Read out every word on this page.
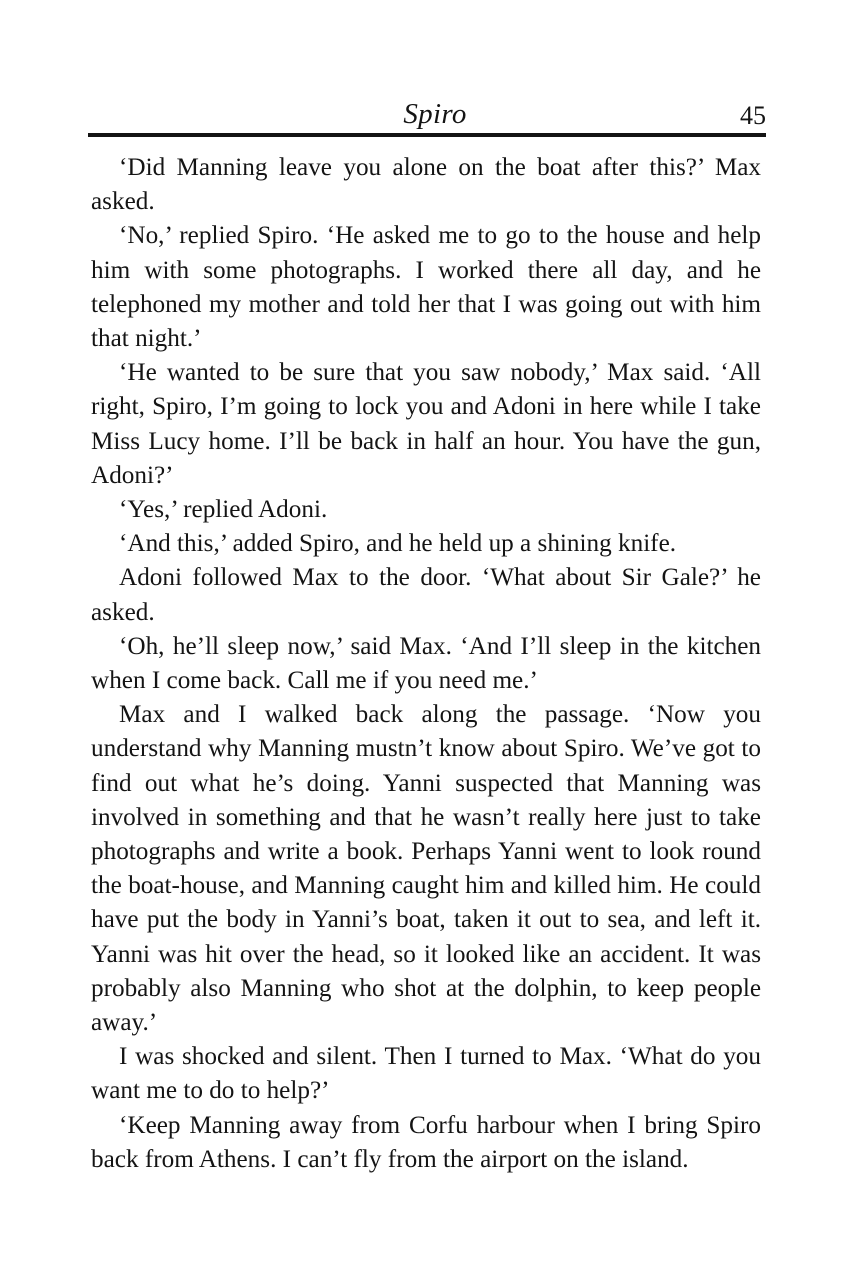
Spiro	45

‘Did Manning leave you alone on the boat after this?’ Max asked.

‘No,’ replied Spiro. ‘He asked me to go to the house and help him with some photographs. I worked there all day, and he telephoned my mother and told her that I was going out with him that night.’

‘He wanted to be sure that you saw nobody,’ Max said. ‘All right, Spiro, I’m going to lock you and Adoni in here while I take Miss Lucy home. I’ll be back in half an hour. You have the gun, Adoni?’

‘Yes,’ replied Adoni.

‘And this,’ added Spiro, and he held up a shining knife.

Adoni followed Max to the door. ‘What about Sir Gale?’ he asked.

‘Oh, he’ll sleep now,’ said Max. ‘And I’ll sleep in the kitchen when I come back. Call me if you need me.’

Max and I walked back along the passage. ‘Now you understand why Manning mustn’t know about Spiro. We’ve got to find out what he’s doing. Yanni suspected that Manning was involved in something and that he wasn’t really here just to take photographs and write a book. Perhaps Yanni went to look round the boat-house, and Manning caught him and killed him. He could have put the body in Yanni’s boat, taken it out to sea, and left it. Yanni was hit over the head, so it looked like an accident. It was probably also Manning who shot at the dolphin, to keep people away.’

I was shocked and silent. Then I turned to Max. ‘What do you want me to do to help?’

‘Keep Manning away from Corfu harbour when I bring Spiro back from Athens. I can’t fly from the airport on the island.
